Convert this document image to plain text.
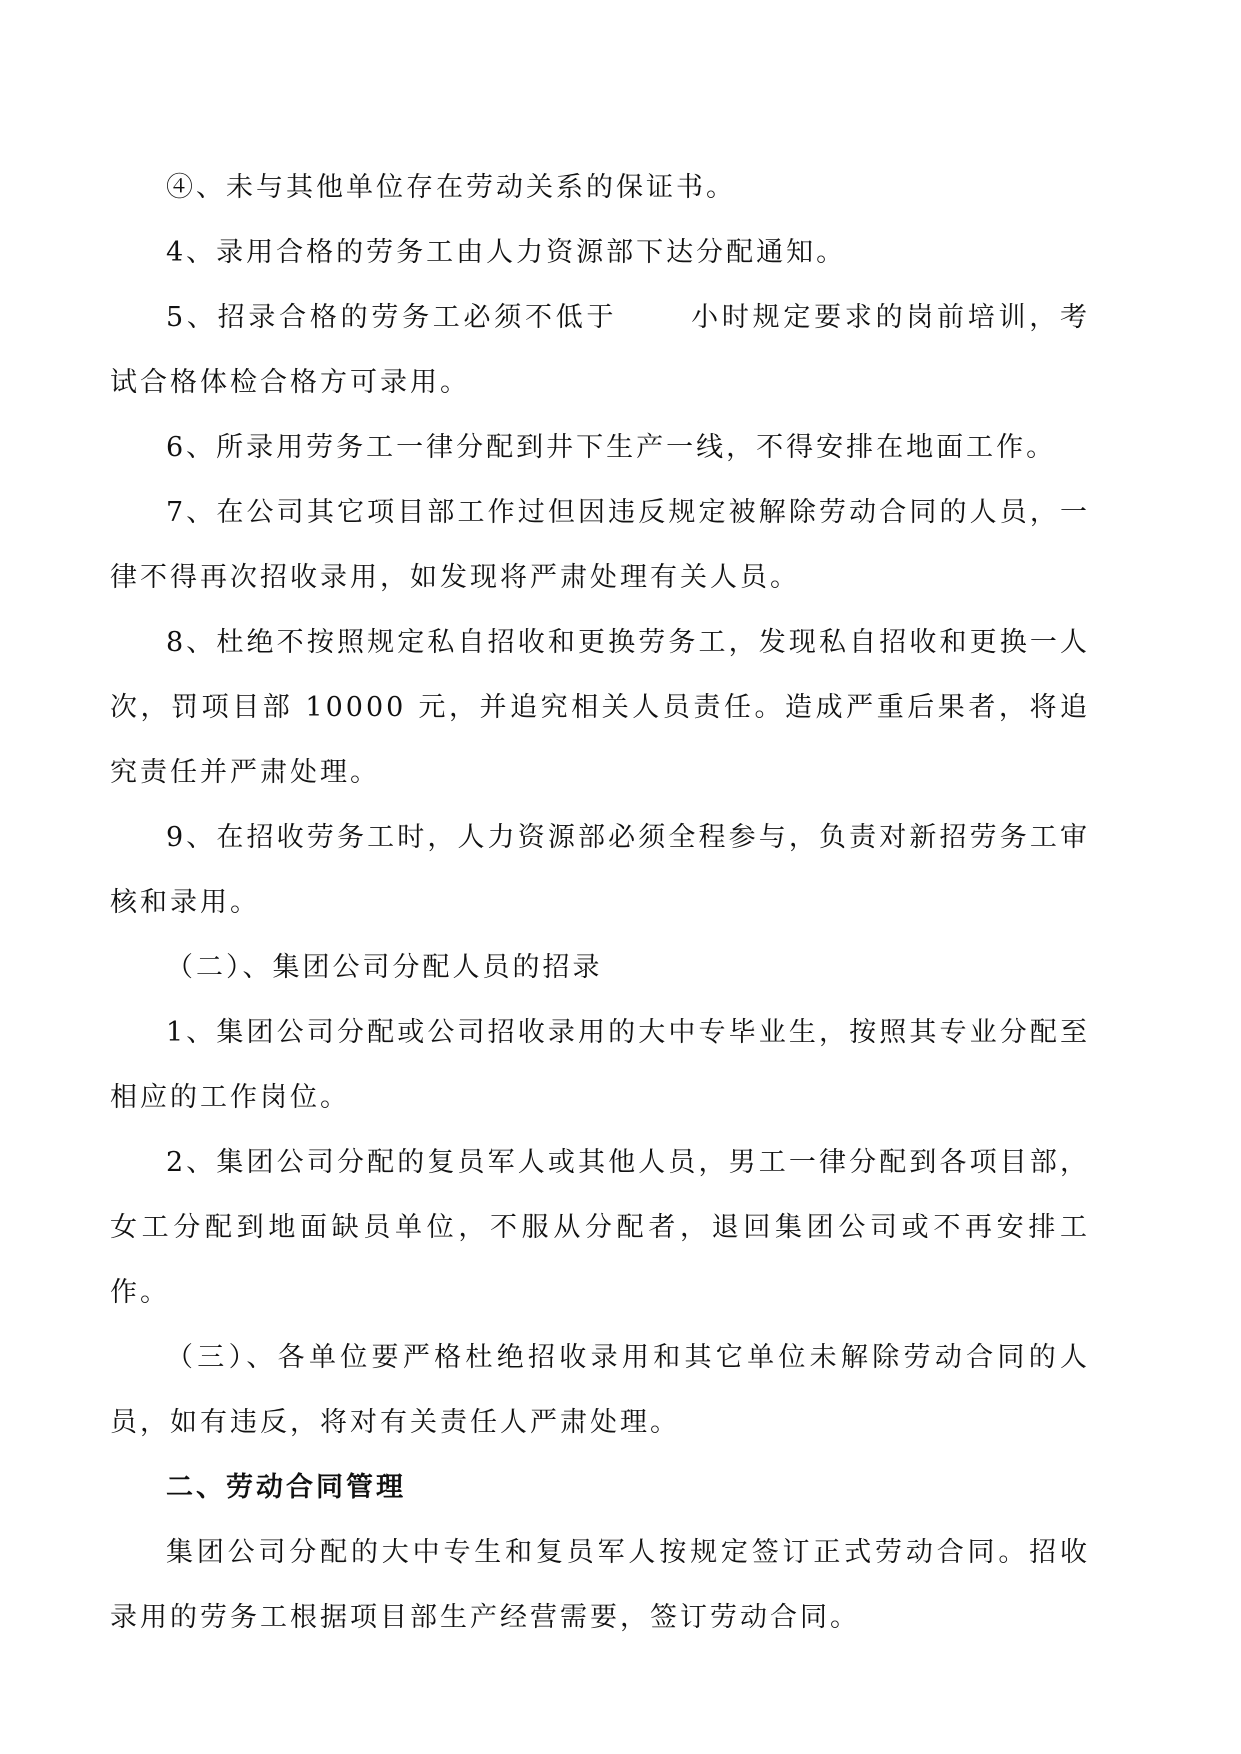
④、未与其他单位存在劳动关系的保证书。

4、录用合格的劳务工由人力资源部下达分配通知。

5、招录合格的劳务工必须不低于      小时规定要求的岗前培训，考试合格体检合格方可录用。

6、所录用劳务工一律分配到井下生产一线，不得安排在地面工作。

7、在公司其它项目部工作过但因违反规定被解除劳动合同的人员，一律不得再次招收录用，如发现将严肃处理有关人员。

8、杜绝不按照规定私自招收和更换劳务工，发现私自招收和更换一人次，罚项目部 10000 元，并追究相关人员责任。造成严重后果者，将追究责任并严肃处理。

9、在招收劳务工时，人力资源部必须全程参与，负责对新招劳务工审核和录用。

（二）、集团公司分配人员的招录

1、集团公司分配或公司招收录用的大中专毕业生，按照其专业分配至相应的工作岗位。

2、集团公司分配的复员军人或其他人员，男工一律分配到各项目部，女工分配到地面缺员单位，不服从分配者，退回集团公司或不再安排工作。

（三）、各单位要严格杜绝招收录用和其它单位未解除劳动合同的人员，如有违反，将对有关责任人严肃处理。

二、劳动合同管理

集团公司分配的大中专生和复员军人按规定签订正式劳动合同。招收录用的劳务工根据项目部生产经营需要，签订劳动合同。
